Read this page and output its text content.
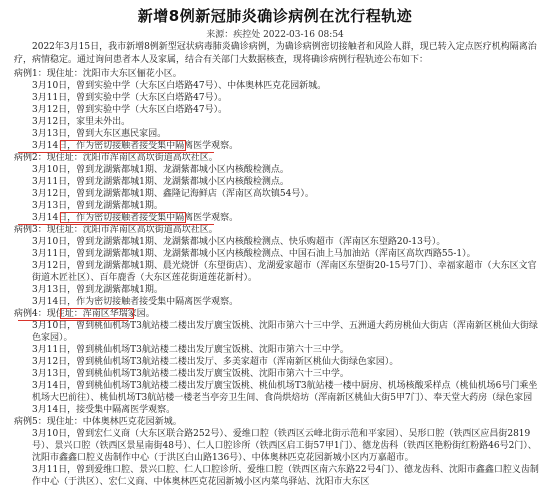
新增8例新冠肺炎确诊病例在沈行程轨迹
来源：疾控处 2022-03-16 08:54
2022年3月15日，我市新增8例新型冠状病毒肺炎确诊病例，为确诊病例密切接触者和风险人群，现已转入定点医疗机构隔离治疗，病情稳定。通过询问患者本人及家属，结合有关部门大数据核查，现将确诊病例行程轨迹公布如下：
病例1：现住址：沈阳市大东区俪花小区。
3月10日，曾到实验中学（大东区白塔路47号）、中体奥林匹克花园新城。
3月11日，曾到实验中学（大东区白塔路47号）。
3月12日，曾到实验中学（大东区白塔路47号）。
3月12日，家里未外出。
3月13日，曾到大东区惠民家园。
3月14日，作为密切接触者接受集中隔离医学观察。
病例2：现住址：沈阳市浑南区高坎街道高坎社区。
3月10日，曾到龙湖紫都城1期、龙湖紫都城小区内核酸检测点。
3月11日，曾到龙湖紫都城1期、龙湖紫都城小区内核酸检测点。
3月12日，曾到龙湖紫都城1期、鑫隆记海鲜店（浑南区高坎镇54号）。
3月13日，曾到龙湖紫都城1期。
3月14日，作为密切接触者接受集中隔离医学观察。
病例3：现住址：沈阳市浑南区高坎街道高坎社区。
3月10日，曾到龙湖紫都城1期、龙湖紫都城小区内核酸检测点、快乐购超市（浑南区东望路20-13号）。
3月11日，曾到龙湖紫都城1期、龙湖紫都城小区内核酸检测点、中国石油上马加油站（浑南区高坎西路55-1）。
3月12日，曾到龙湖紫都城1期、晨光烧饼（东望街店）、龙湖爱家超市（浑南区东望街20-15号7门）、幸福家超市（大东区文官街道木匠社区）、百年鹿香（大东区莲花街道莲花新村）。
3月13日，曾到龙湖紫都城1期。
3月14日，作为密切接触者接受集中隔离医学观察。
病例4：现住址：浑南区华瑞家园。
3月10日，曾到桃仙机场T3航站楼二楼出发厅廣宝饭桃、沈阳市第六十三中学、五洲通大药房桃仙大街店（浑南新区桃仙大街绿色家园）。
3月11日，曾到桃仙机场T3航站楼二楼出发厅廣宝饭桃、沈阳市第六十三中学。
3月12日，曾到桃仙机场T3航站楼二楼出发厅、多美家超市（浑南新区桃仙大街绿色家园）。
3月13日，曾到桃仙机场T3航站楼二楼出发厅廣宝饭桃、沈阳市第六十三中学。
3月14日，曾到桃仙机场T3航站楼二楼出发厅廣宝饭桃、桃仙机场T3航站楼一楼中厨房、机场核酸采样点（桃仙机场6号门乘坐机场大巴前往）、桃仙机场T3航站楼一楼老当亭旁卫生间、食尚烘焙坊（浑南新区桃仙大街5甲7门）、奉天堂大药房（绿色家园
3月14日，接受集中隔离医学观察。
病例5：现住址：中体奥林匹克花园新城。
3月10日，曾到宏仁义商（大东区联合路252号）、爱维口腔（铁西区云峰北街示范和平家园）、吴形口腔（铁西区应昌街2819号）、景兴口腔（铁西区景星南街48号）、仁人口腔诊所（铁西区启工街57甲1门）、德龙齿科（铁西区艳粉街红粉路46号2门）、沈阳市鑫鑫口腔义齿制作中心（于洪区白山路136号）、中体奥林匹克花园新城小区内万嘉超市。
3月11日，曾到爱维口腔、景兴口腔、仁人口腔诊所、爱维口腔（铁西区南六东路22号4门）、德龙齿科、沈阳市鑫鑫口腔义齿制作中心（于洪区）、宏仁义商、中体奥林匹克花园新城小区内菜鸟驿站、沈阳市大东区
